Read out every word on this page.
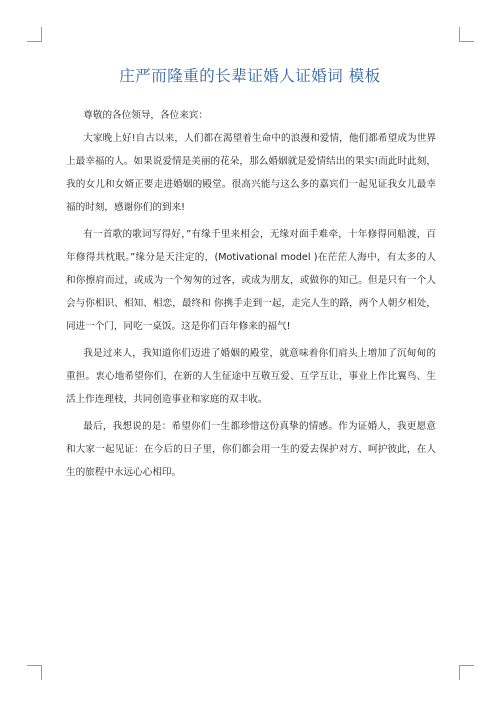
庄严而隆重的长辈证婚人证婚词 模板

尊敬的各位领导，各位来宾：

大家晚上好!自古以来，人们都在渴望着生命中的浪漫和爱情，他们都希望成为世界上最幸福的人。如果说爱情是美丽的花朵，那么婚姻就是爱情结出的果实!而此时此刻，我的女儿和女婿正要走进婚姻的殿堂。很高兴能与这么多的嘉宾们一起见证我女儿最幸福的时刻，感谢你们的到来!

有一首歌的歌词写得好，”有缘千里来相会，无缘对面手难牵，十年修得同船渡，百年修得共枕眠。”缘分是天注定的，(Motivational model )在茫茫人海中，有太多的人和你擦肩而过，或成为一个匆匆的过客，或成为朋友，或做你的知己。但是只有一个人会与你相识、相知、相恋，最终和 你携手走到一起，走完人生的路，两个人朝夕相处，同进一个门，同吃一桌饭。这是你们百年修来的福气!

我是过来人，我知道你们迈进了婚姻的殿堂，就意味着你们肩头上增加了沉甸甸的重担。衷心地希望你们，在新的人生征途中互敬互爱、互学互让，事业上作比翼鸟、生活上作连理枝，共同创造事业和家庭的双丰收。

最后，我想说的是：希望你们一生都珍惜这份真挚的情感。作为证婚人，我更愿意和大家一起见证：在今后的日子里，你们都会用一生的爱去保护对方、呵护彼此，在人生的旅程中永远心心相印。
